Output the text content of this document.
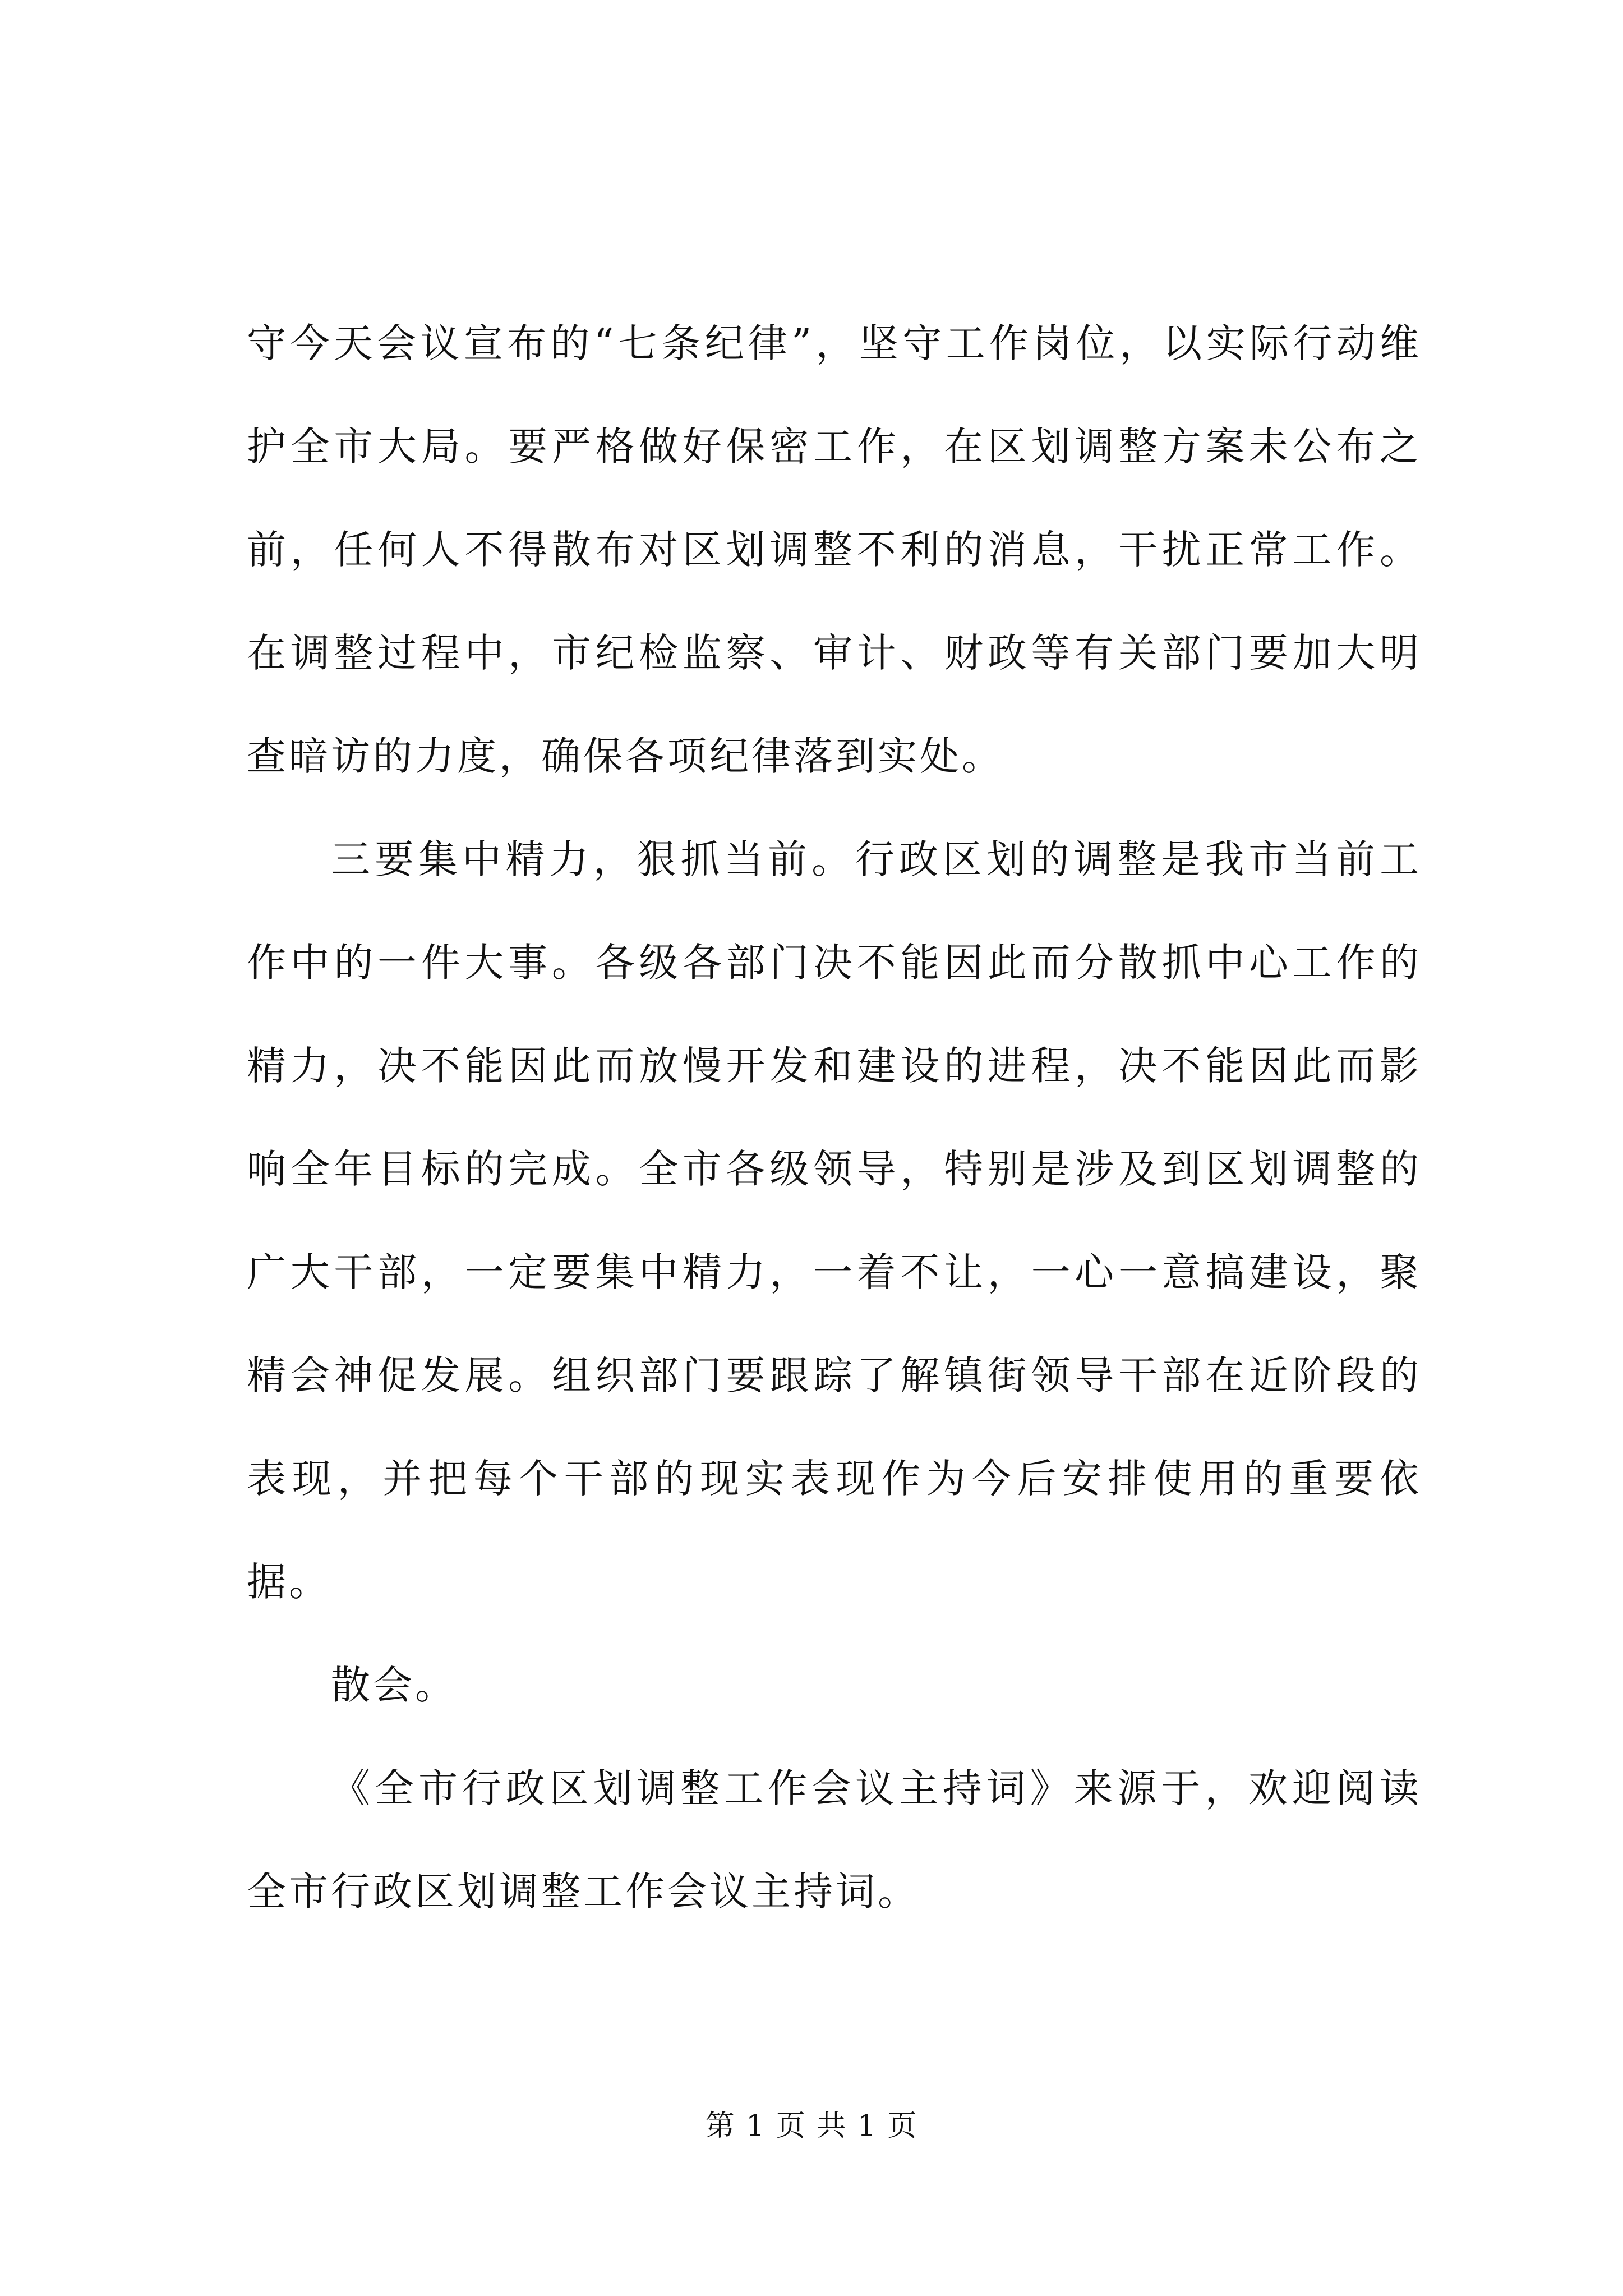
守今天会议宣布的“七条纪律”，坚守工作岗位，以实际行动维护全市大局。要严格做好保密工作，在区划调整方案未公布之前，任何人不得散布对区划调整不利的消息，干扰正常工作。在调整过程中，市纪检监察、审计、财政等有关部门要加大明查暗访的力度，确保各项纪律落到实处。

三要集中精力，狠抓当前。行政区划的调整是我市当前工作中的一件大事。各级各部门决不能因此而分散抓中心工作的精力，决不能因此而放慢开发和建设的进程，决不能因此而影响全年目标的完成。全市各级领导，特别是涉及到区划调整的广大干部，一定要集中精力，一着不让，一心一意搞建设，聚精会神促发展。组织部门要跟踪了解镇街领导干部在近阶段的表现，并把每个干部的现实表现作为今后安排使用的重要依据。

散会。

《全市行政区划调整工作会议主持词》来源于，欢迎阅读全市行政区划调整工作会议主持词。

第 1 页 共 1 页
